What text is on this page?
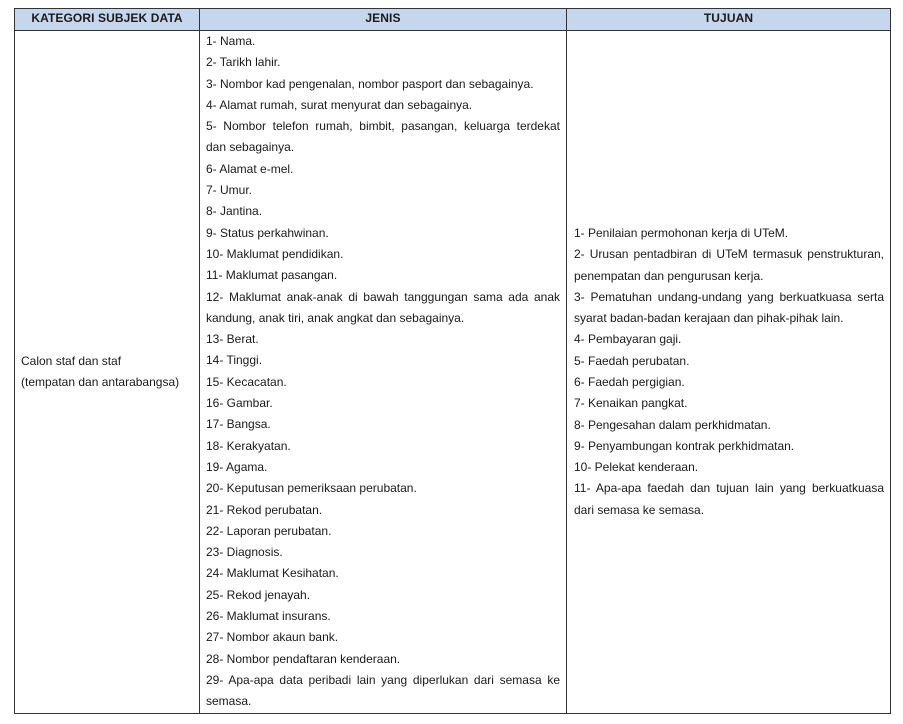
KATEGORI SUBJEK DATA	JENIS	TUJUAN
Calon staf dan staf
(tempatan dan antarabangsa)
1- Nama.
2- Tarikh lahir.
3- Nombor kad pengenalan, nombor pasport dan sebagainya.
4- Alamat rumah, surat menyurat dan sebagainya.
5- Nombor telefon rumah, bimbit, pasangan, keluarga terdekat dan sebagainya.
6- Alamat e-mel.
7- Umur.
8- Jantina.
9- Status perkahwinan.
10- Maklumat pendidikan.
11- Maklumat pasangan.
12- Maklumat anak-anak di bawah tanggungan sama ada anak kandung, anak tiri, anak angkat dan sebagainya.
13- Berat.
14- Tinggi.
15- Kecacatan.
16- Gambar.
17- Bangsa.
18- Kerakyatan.
19- Agama.
20- Keputusan pemeriksaan perubatan.
21- Rekod perubatan.
22- Laporan perubatan.
23- Diagnosis.
24- Maklumat Kesihatan.
25- Rekod jenayah.
26- Maklumat insurans.
27- Nombor akaun bank.
28- Nombor pendaftaran kenderaan.
29- Apa-apa data peribadi lain yang diperlukan dari semasa ke semasa.
1- Penilaian permohonan kerja di UTeM.
2- Urusan pentadbiran di UTeM termasuk penstrukturan, penempatan dan pengurusan kerja.
3- Pematuhan undang-undang yang berkuatkuasa serta syarat badan-badan kerajaan dan pihak-pihak lain.
4- Pembayaran gaji.
5- Faedah perubatan.
6- Faedah pergigian.
7- Kenaikan pangkat.
8- Pengesahan dalam perkhidmatan.
9- Penyambungan kontrak perkhidmatan.
10- Pelekat kenderaan.
11- Apa-apa faedah dan tujuan lain yang berkuatkuasa dari semasa ke semasa.
